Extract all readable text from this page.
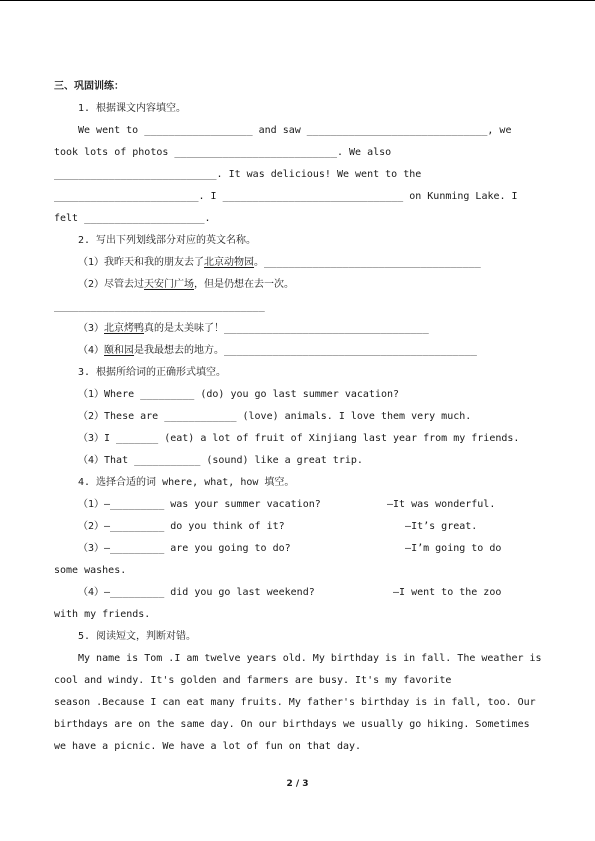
三、巩固训练：
1. 根据课文内容填空。
We went to __________________ and saw ______________________________, we
took lots of photos ___________________________. We also
___________________________. It was delicious! We went to the
________________________. I ______________________________ on Kunming Lake. I
felt ____________________.
2. 写出下列划线部分对应的英文名称。
（1）我昨天和我的朋友去了北京动物园。____________________________________
（2）尽管去过天安门广场，但是仍想在去一次。
___________________________________
（3）北京烤鸭真的是太美味了！__________________________________
（4）颐和园是我最想去的地方。__________________________________________
3. 根据所给词的正确形式填空。
（1）Where _________ (do) you go last summer vacation?
（2）These are ____________ (love) animals. I love them very much.
（3）I _______ (eat) a lot of fruit of Xinjiang last year from my friends.
（4）That ___________ (sound) like a great trip.
4. 选择合适的词 where, what, how 填空。
（1）—_________ was your summer vacation?           —It was wonderful.
（2）—_________ do you think of it?                    —It’s great.
（3）—_________ are you going to do?                   —I’m going to do
some washes.
（4）—_________ did you go last weekend?             —I went to the zoo
with my friends.
5. 阅读短文，判断对错。
My name is Tom .I am twelve years old. My birthday is in fall. The weather is
cool and windy. It's golden and farmers are busy. It's my favorite
season .Because I can eat many fruits. My father's birthday is in fall, too. Our
birthdays are on the same day. On our birthdays we usually go hiking. Sometimes
we have a picnic. We have a lot of fun on that day.
2 / 3
